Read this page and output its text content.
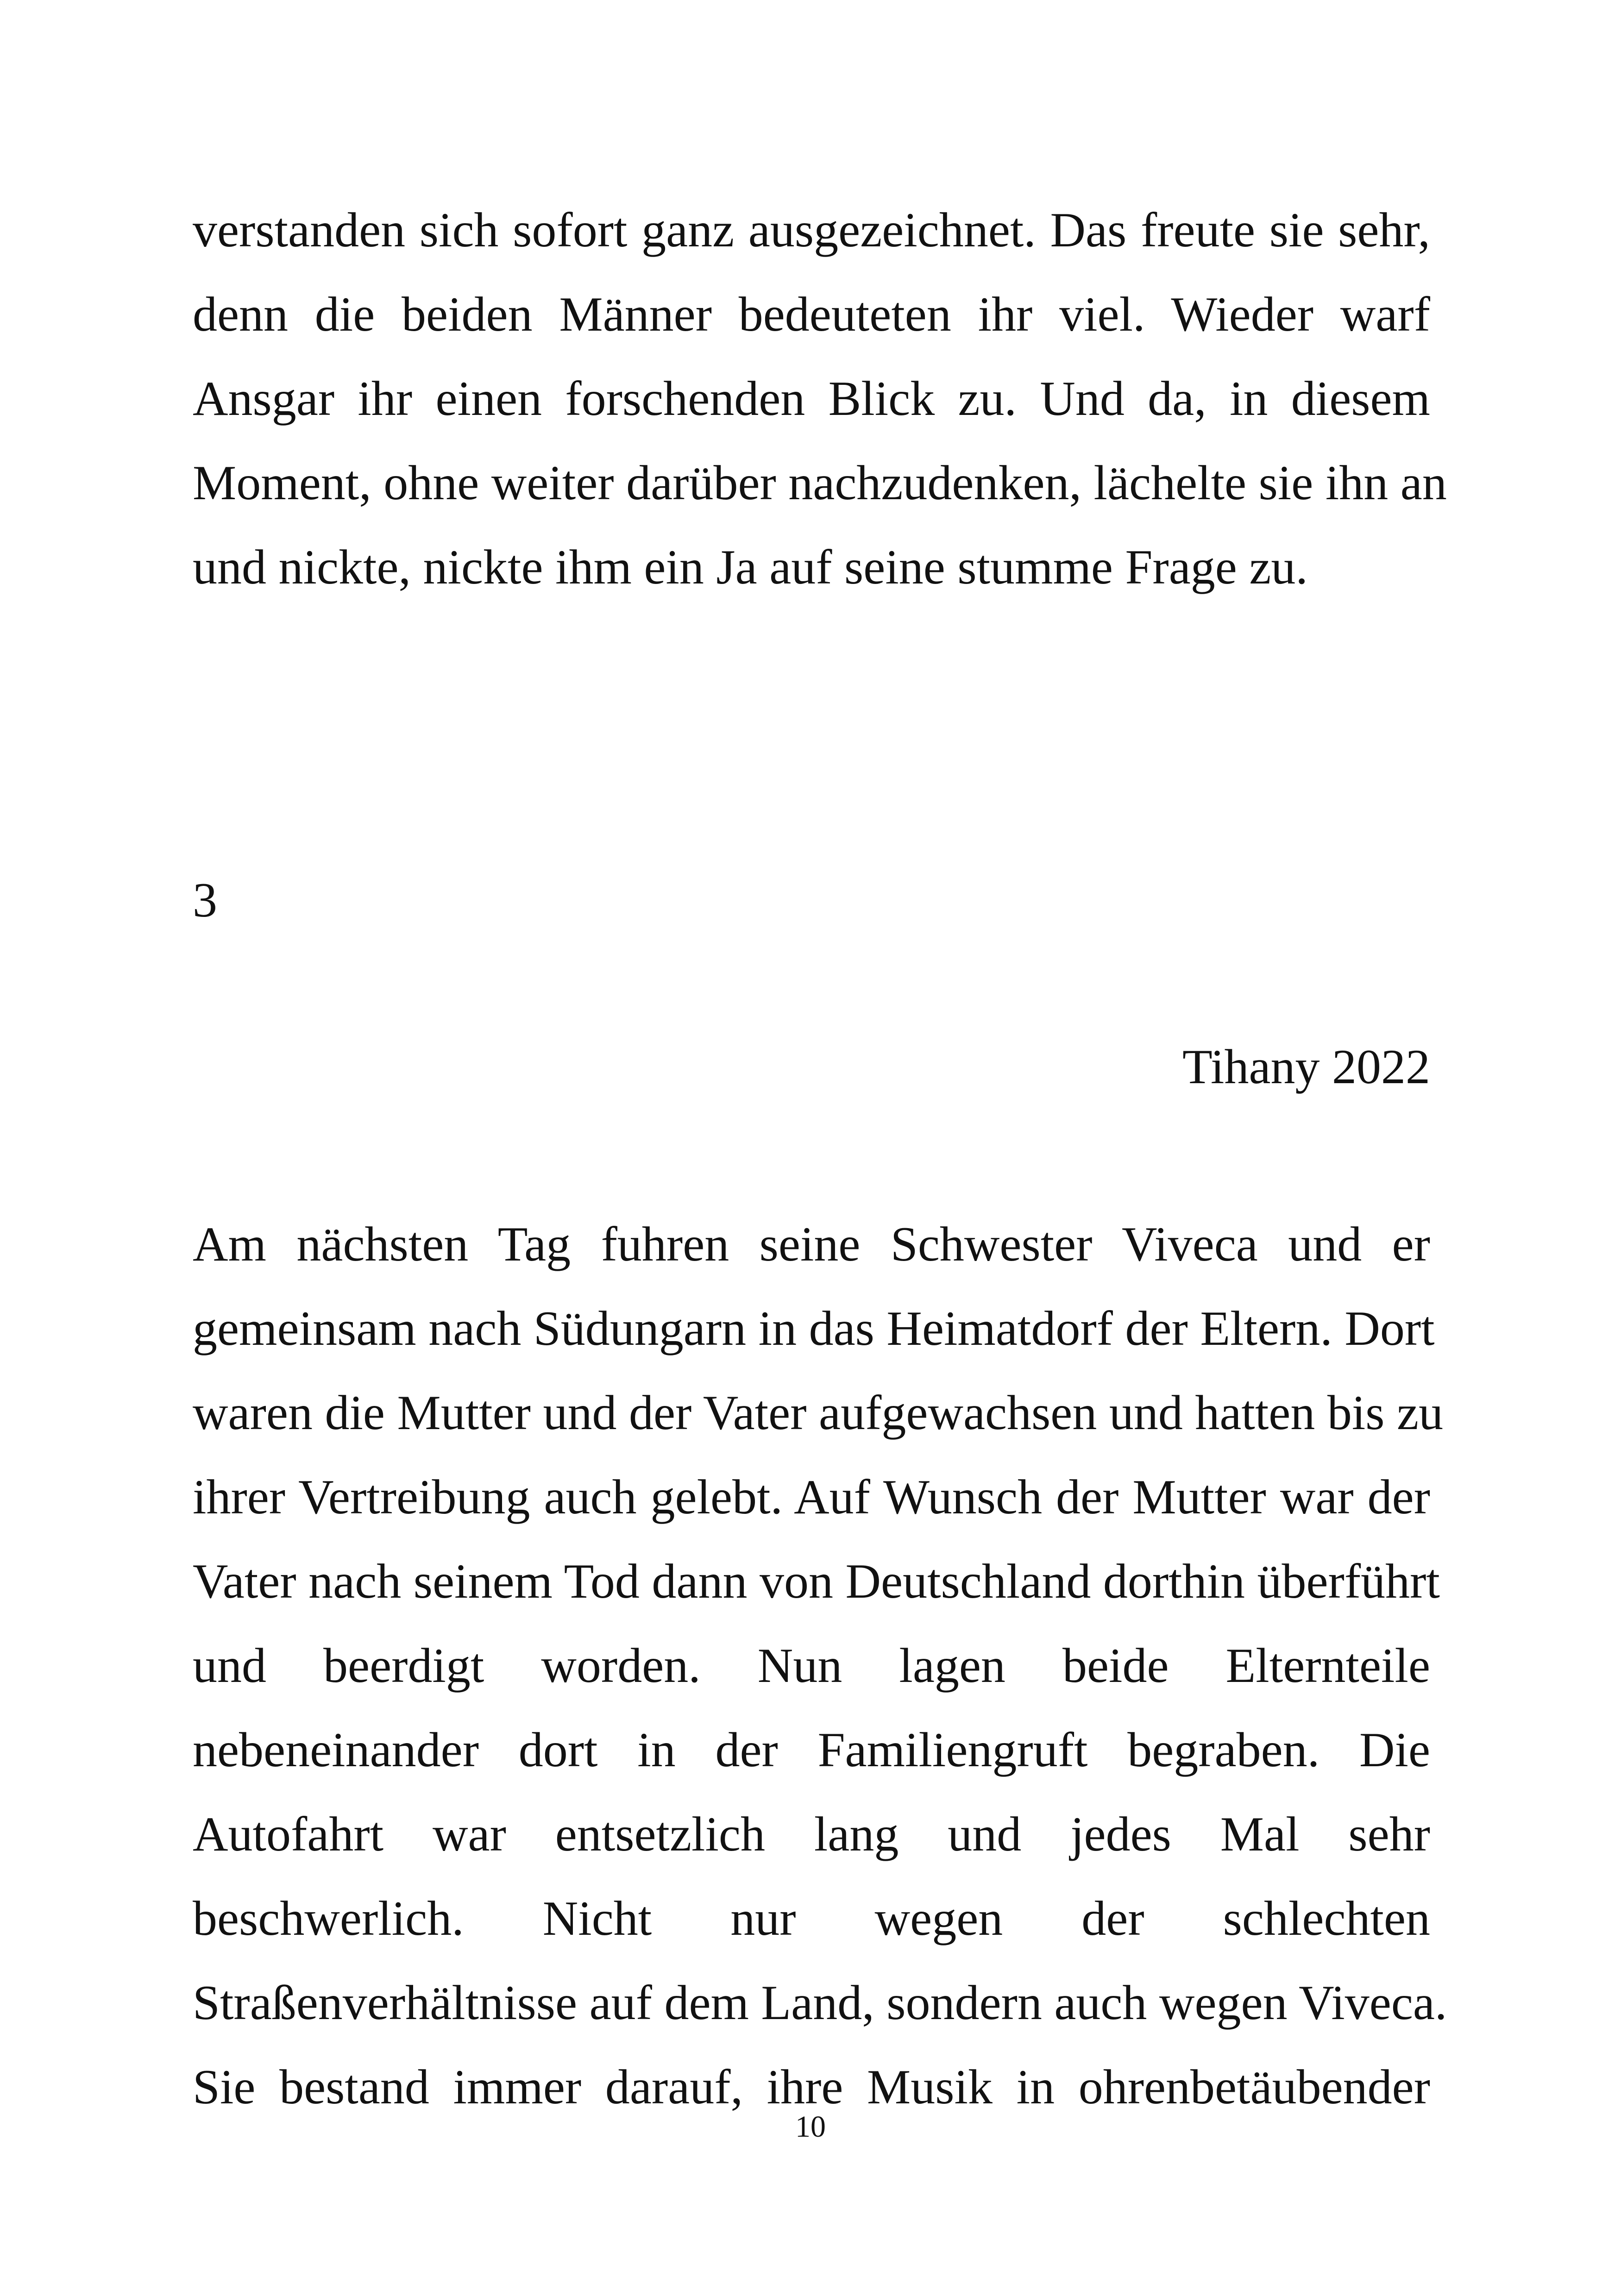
verstanden sich sofort ganz ausgezeichnet. Das freute sie sehr,
denn die beiden Männer bedeuteten ihr viel. Wieder warf
Ansgar ihr einen forschenden Blick zu. Und da, in diesem
Moment, ohne weiter darüber nachzudenken, lächelte sie ihn an
und nickte, nickte ihm ein Ja auf seine stumme Frage zu.

3
Tihany 2022

Am nächsten Tag fuhren seine Schwester Viveca und er
gemeinsam nach Südungarn in das Heimatdorf der Eltern. Dort
waren die Mutter und der Vater aufgewachsen und hatten bis zu
ihrer Vertreibung auch gelebt. Auf Wunsch der Mutter war der
Vater nach seinem Tod dann von Deutschland dorthin überführt
und beerdigt worden. Nun lagen beide Elternteile
nebeneinander dort in der Familiengruft begraben. Die
Autofahrt war entsetzlich lang und jedes Mal sehr
beschwerlich. Nicht nur wegen der schlechten
Straßenverhältnisse auf dem Land, sondern auch wegen Viveca.
Sie bestand immer darauf, ihre Musik in ohrenbetäubender

10
